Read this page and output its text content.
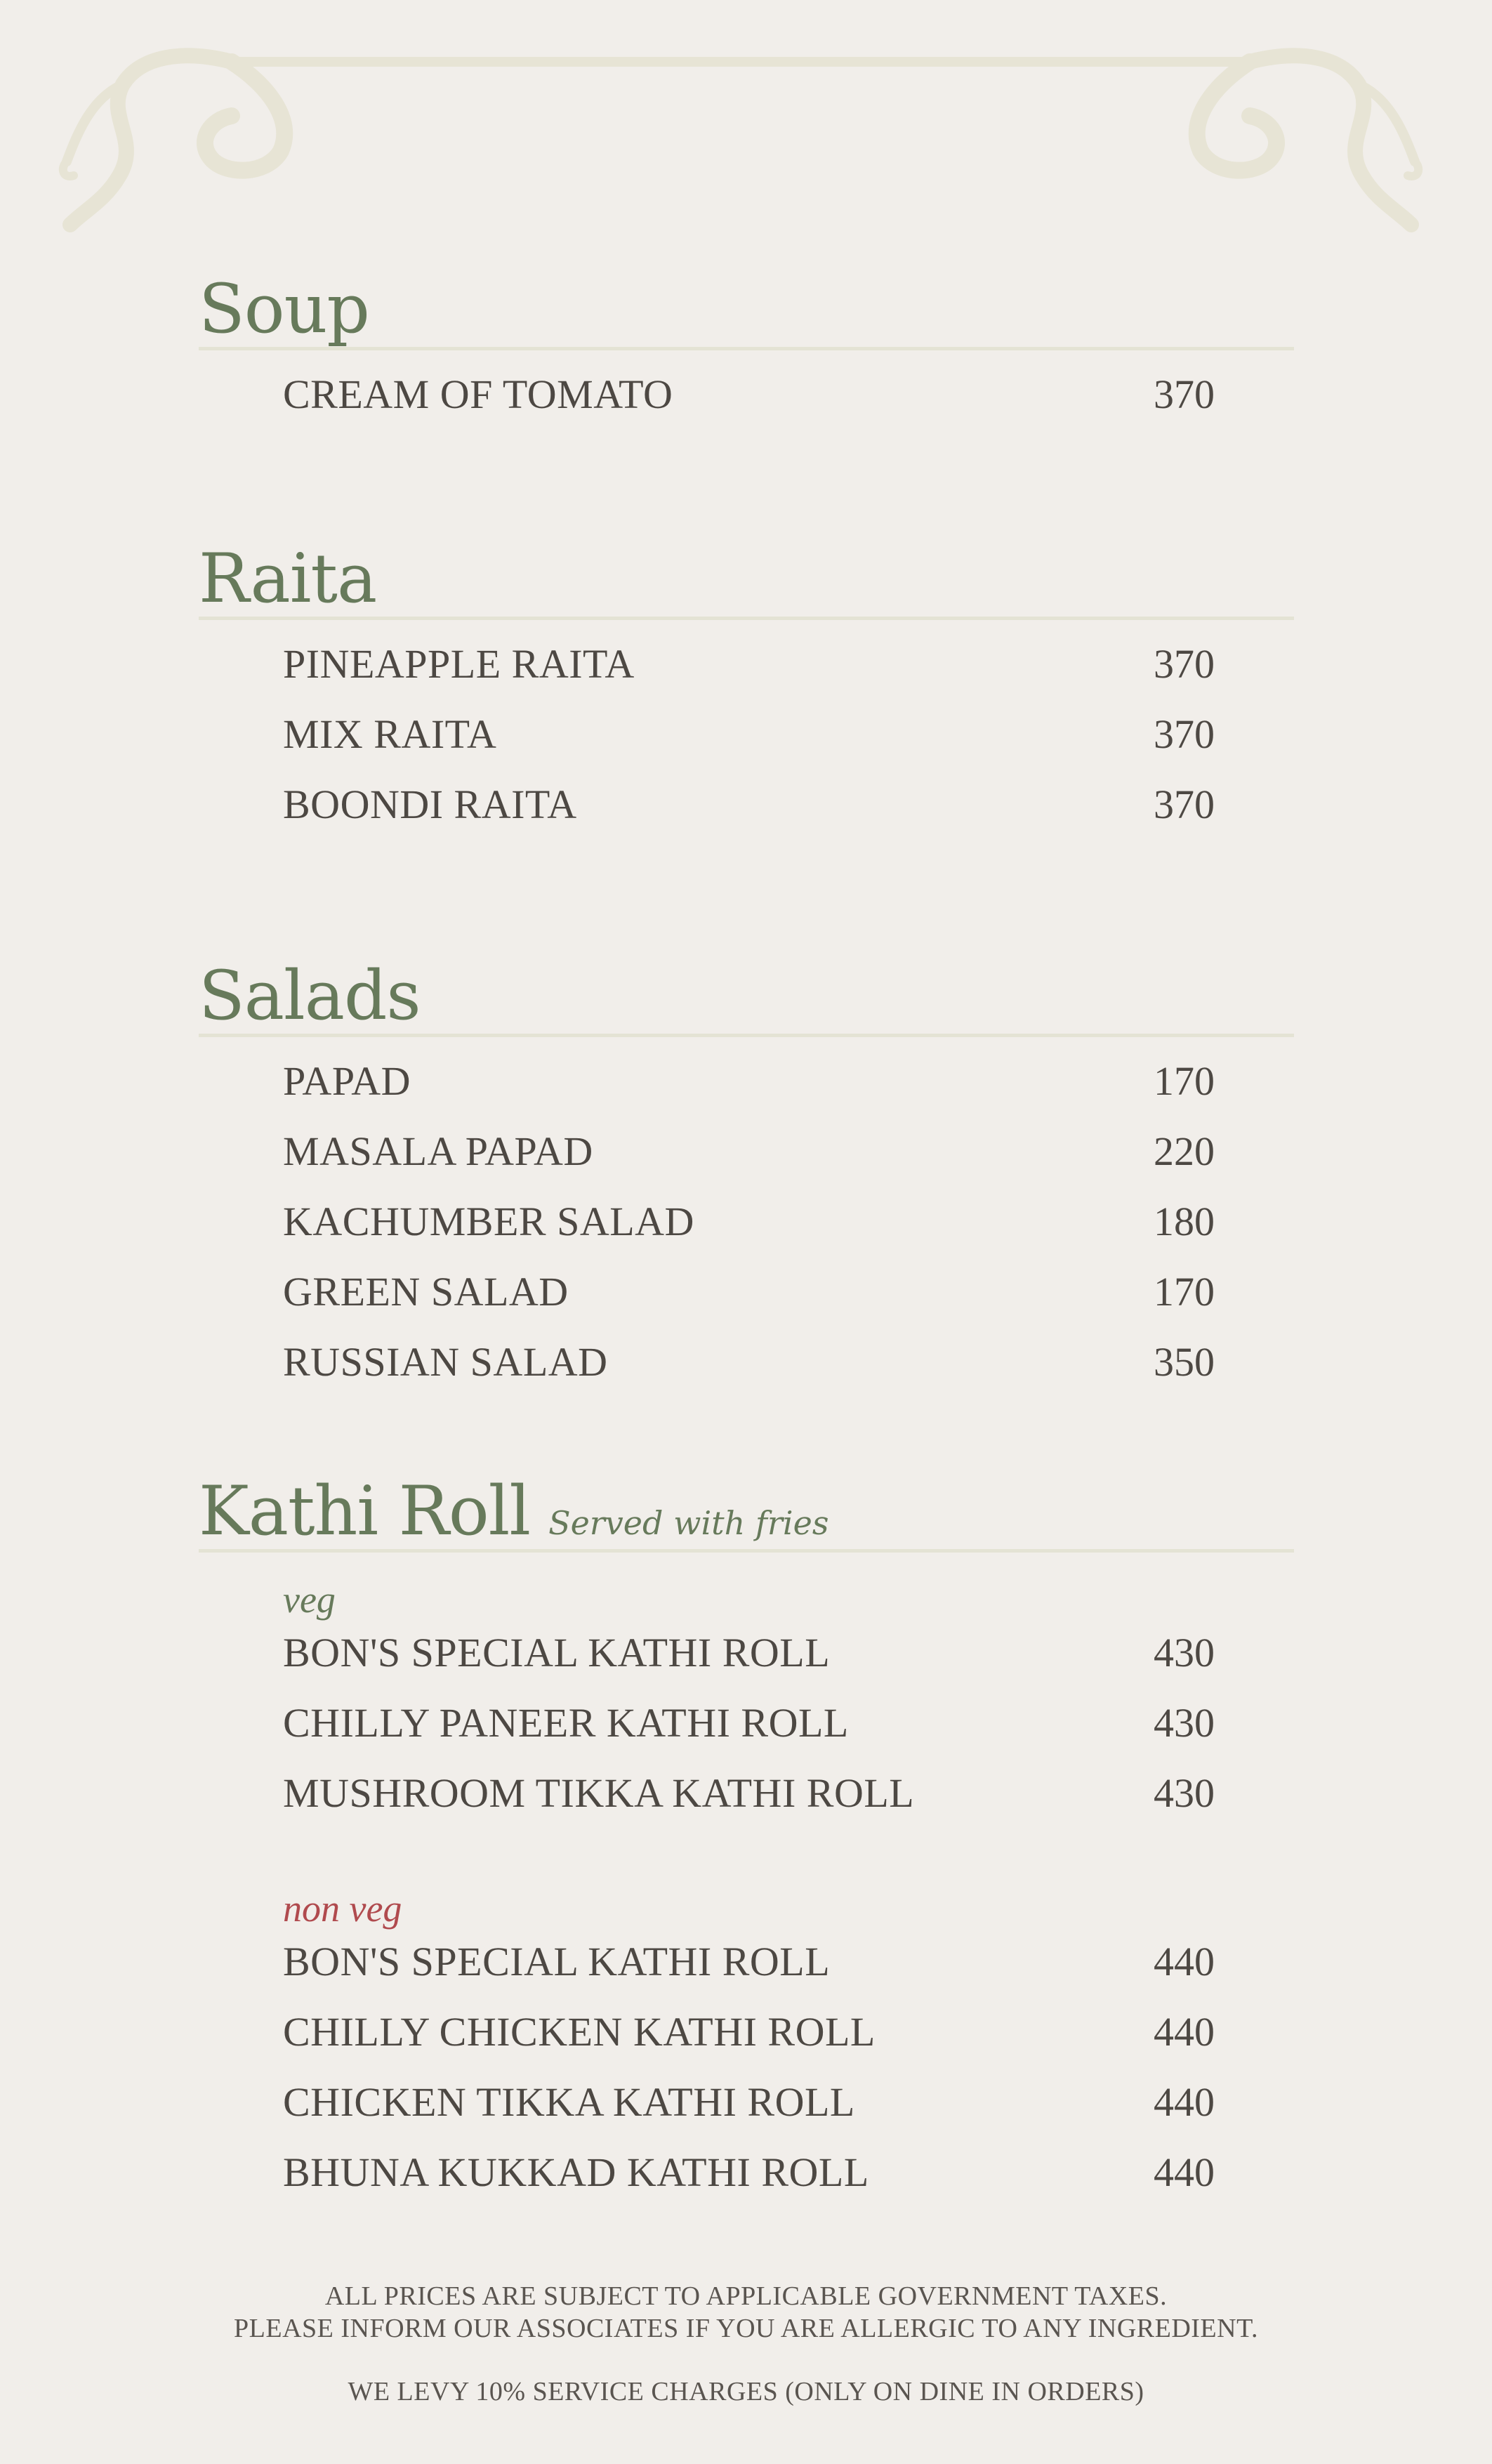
Soup
CREAM OF TOMATO	370
Raita
PINEAPPLE RAITA	370
MIX RAITA	370
BOONDI RAITA	370
Salads
PAPAD	170
MASALA PAPAD	220
KACHUMBER SALAD	180
GREEN SALAD	170
RUSSIAN SALAD	350
Kathi Roll Served with fries
veg
BON'S SPECIAL KATHI ROLL	430
CHILLY PANEER KATHI ROLL	430
MUSHROOM TIKKA KATHI ROLL	430
non veg
BON'S SPECIAL KATHI ROLL	440
CHILLY CHICKEN KATHI ROLL	440
CHICKEN TIKKA KATHI ROLL	440
BHUNA KUKKAD KATHI ROLL	440
ALL PRICES ARE SUBJECT TO APPLICABLE GOVERNMENT TAXES.
PLEASE INFORM OUR ASSOCIATES IF YOU ARE ALLERGIC TO ANY INGREDIENT.
WE LEVY 10% SERVICE CHARGES (ONLY ON DINE IN ORDERS)
